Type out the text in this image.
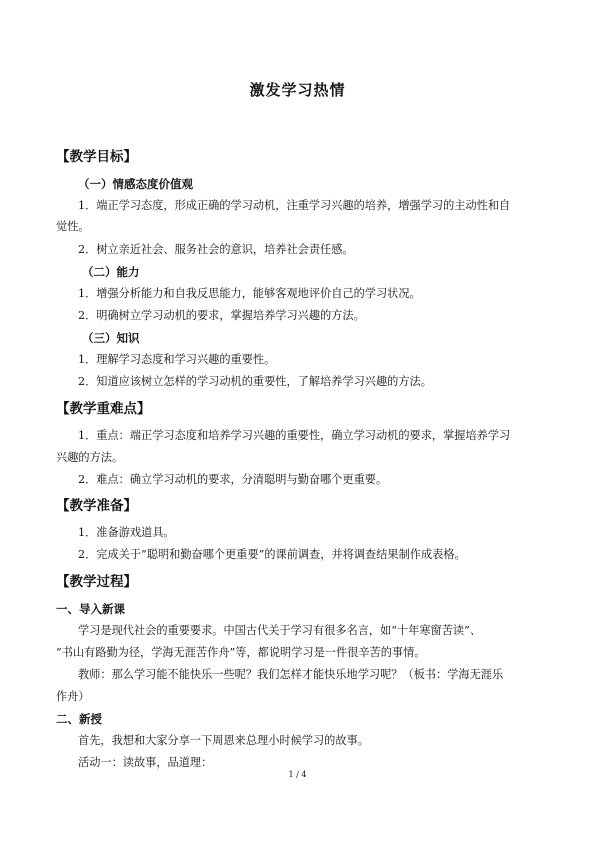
激发学习热情
【教学目标】
（一）情感态度价值观
1．端正学习态度，形成正确的学习动机，注重学习兴趣的培养，增强学习的主动性和自
觉性。
2．树立亲近社会、服务社会的意识，培养社会责任感。
（二）能力
1．增强分析能力和自我反思能力，能够客观地评价自己的学习状况。
2．明确树立学习动机的要求，掌握培养学习兴趣的方法。
（三）知识
1．理解学习态度和学习兴趣的重要性。
2．知道应该树立怎样的学习动机的重要性，了解培养学习兴趣的方法。
【教学重难点】
1．重点：端正学习态度和培养学习兴趣的重要性，确立学习动机的要求，掌握培养学习
兴趣的方法。
2．难点：确立学习动机的要求，分清聪明与勤奋哪个更重要。
【教学准备】
1．准备游戏道具。
2．完成关于“聪明和勤奋哪个更重要”的课前调查，并将调查结果制作成表格。
【教学过程】
一、导入新课
学习是现代社会的重要要求。中国古代关于学习有很多名言，如“十年寒窗苦读”、
“书山有路勤为径，学海无涯苦作舟”等，都说明学习是一件很辛苦的事情。
教师：那么学习能不能快乐一些呢？我们怎样才能快乐地学习呢？（板书：学海无涯乐
作舟）
二、新授
首先，我想和大家分享一下周恩来总理小时候学习的故事。
活动一：读故事，品道理：
1 / 4
